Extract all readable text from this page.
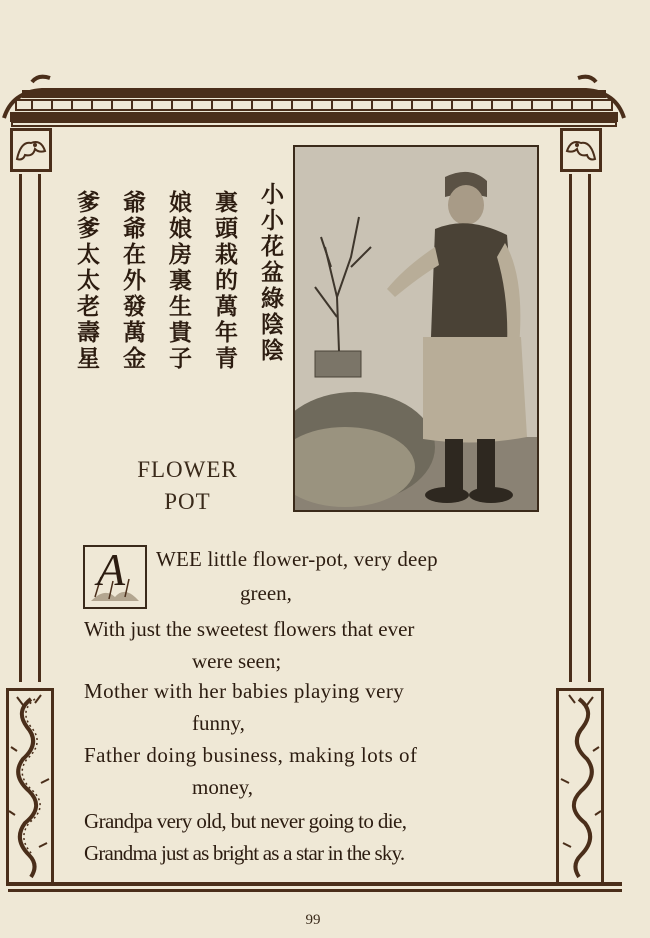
小小花盆綠陰陰
裏頭栽的萬年青
娘娘房裏生貴子
爺爺在外發萬金
爹爹太太老壽星
FLOWER
POT
A WEE little flower-pot, very deep
green,
With just the sweetest flowers that ever
were seen;
Mother with her babies playing very
funny,
Father doing business, making lots of
money,
Grandpa very old, but never going to die,
Grandma just as bright as a star in the sky.
99
